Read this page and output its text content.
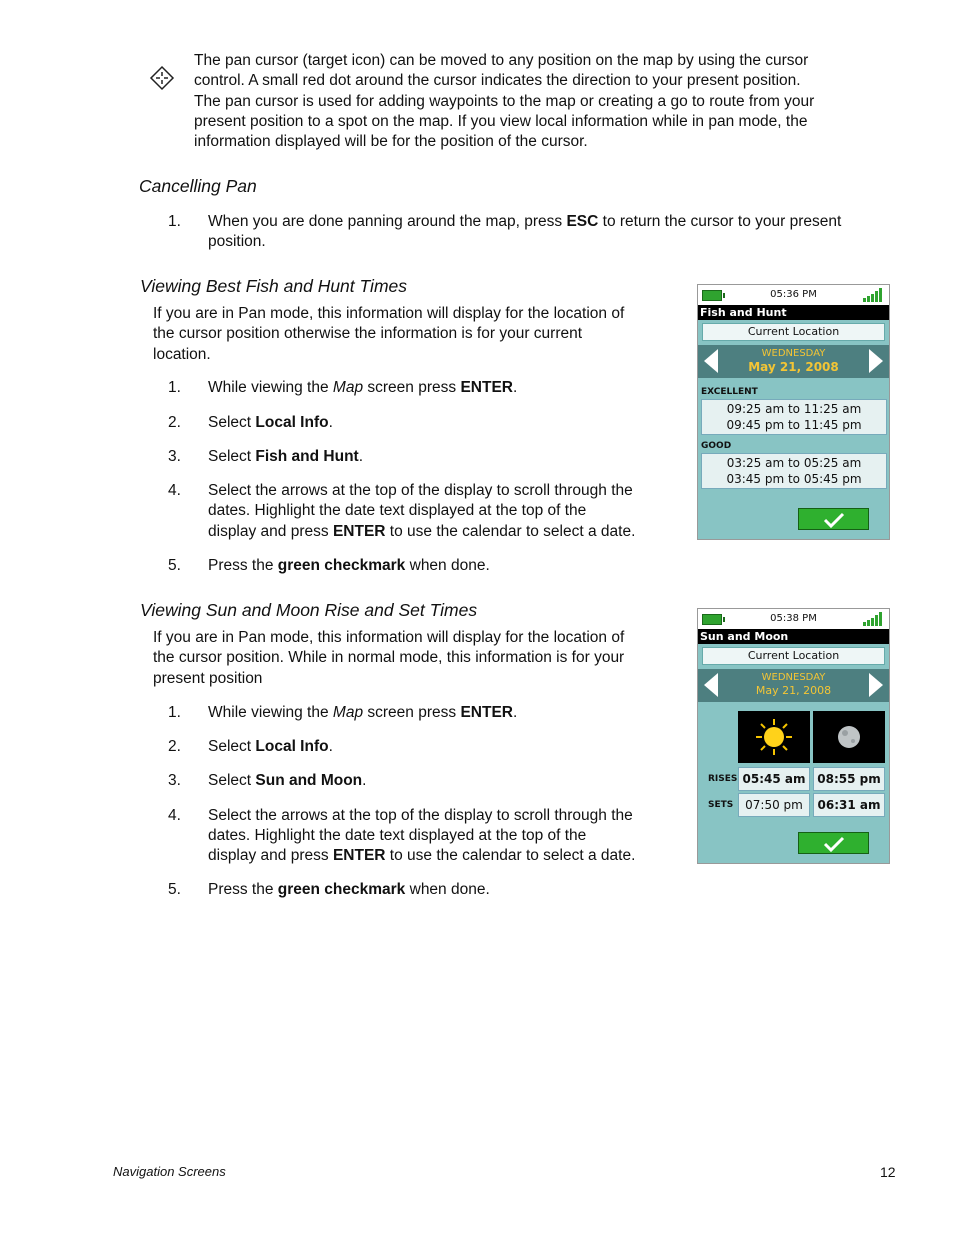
The pan cursor (target icon) can be moved to any position on the map by using the cursor
control. A small red dot around the cursor indicates the direction to your present position.
The pan cursor is used for adding waypoints to the map or creating a go to route from your
present position to a spot on the map. If you view local information while in pan mode, the
information displayed will be for the position of the cursor.
Cancelling Pan
1. When you are done panning around the map, press ESC to return the cursor to your present
position.
Viewing Best Fish and Hunt Times
If you are in Pan mode, this information will display for the location of
the cursor position otherwise the information is for your current
location.
1. While viewing the Map screen press ENTER.
2. Select Local Info.
3. Select Fish and Hunt.
4. Select the arrows at the top of the display to scroll through the
dates. Highlight the date text displayed at the top of the
display and press ENTER to use the calendar to select a date.
5. Press the green checkmark when done.
05:36 PM
Fish and Hunt
Current Location
WEDNESDAY
May 21, 2008
EXCELLENT
09:25 am to 11:25 am
09:45 pm to 11:45 pm
GOOD
03:25 am to 05:25 am
03:45 pm to 05:45 pm
Viewing Sun and Moon Rise and Set Times
If you are in Pan mode, this information will display for the location of
the cursor position. While in normal mode, this information is for your
present position
1. While viewing the Map screen press ENTER.
2. Select Local Info.
3. Select Sun and Moon.
4. Select the arrows at the top of the display to scroll through the
dates. Highlight the date text displayed at the top of the
display and press ENTER to use the calendar to select a date.
5. Press the green checkmark when done.
05:38 PM
Sun and Moon
Current Location
WEDNESDAY
May 21, 2008
RISES 05:45 am 08:55 pm
SETS 07:50 pm	06:31 am
Navigation Screens	12
